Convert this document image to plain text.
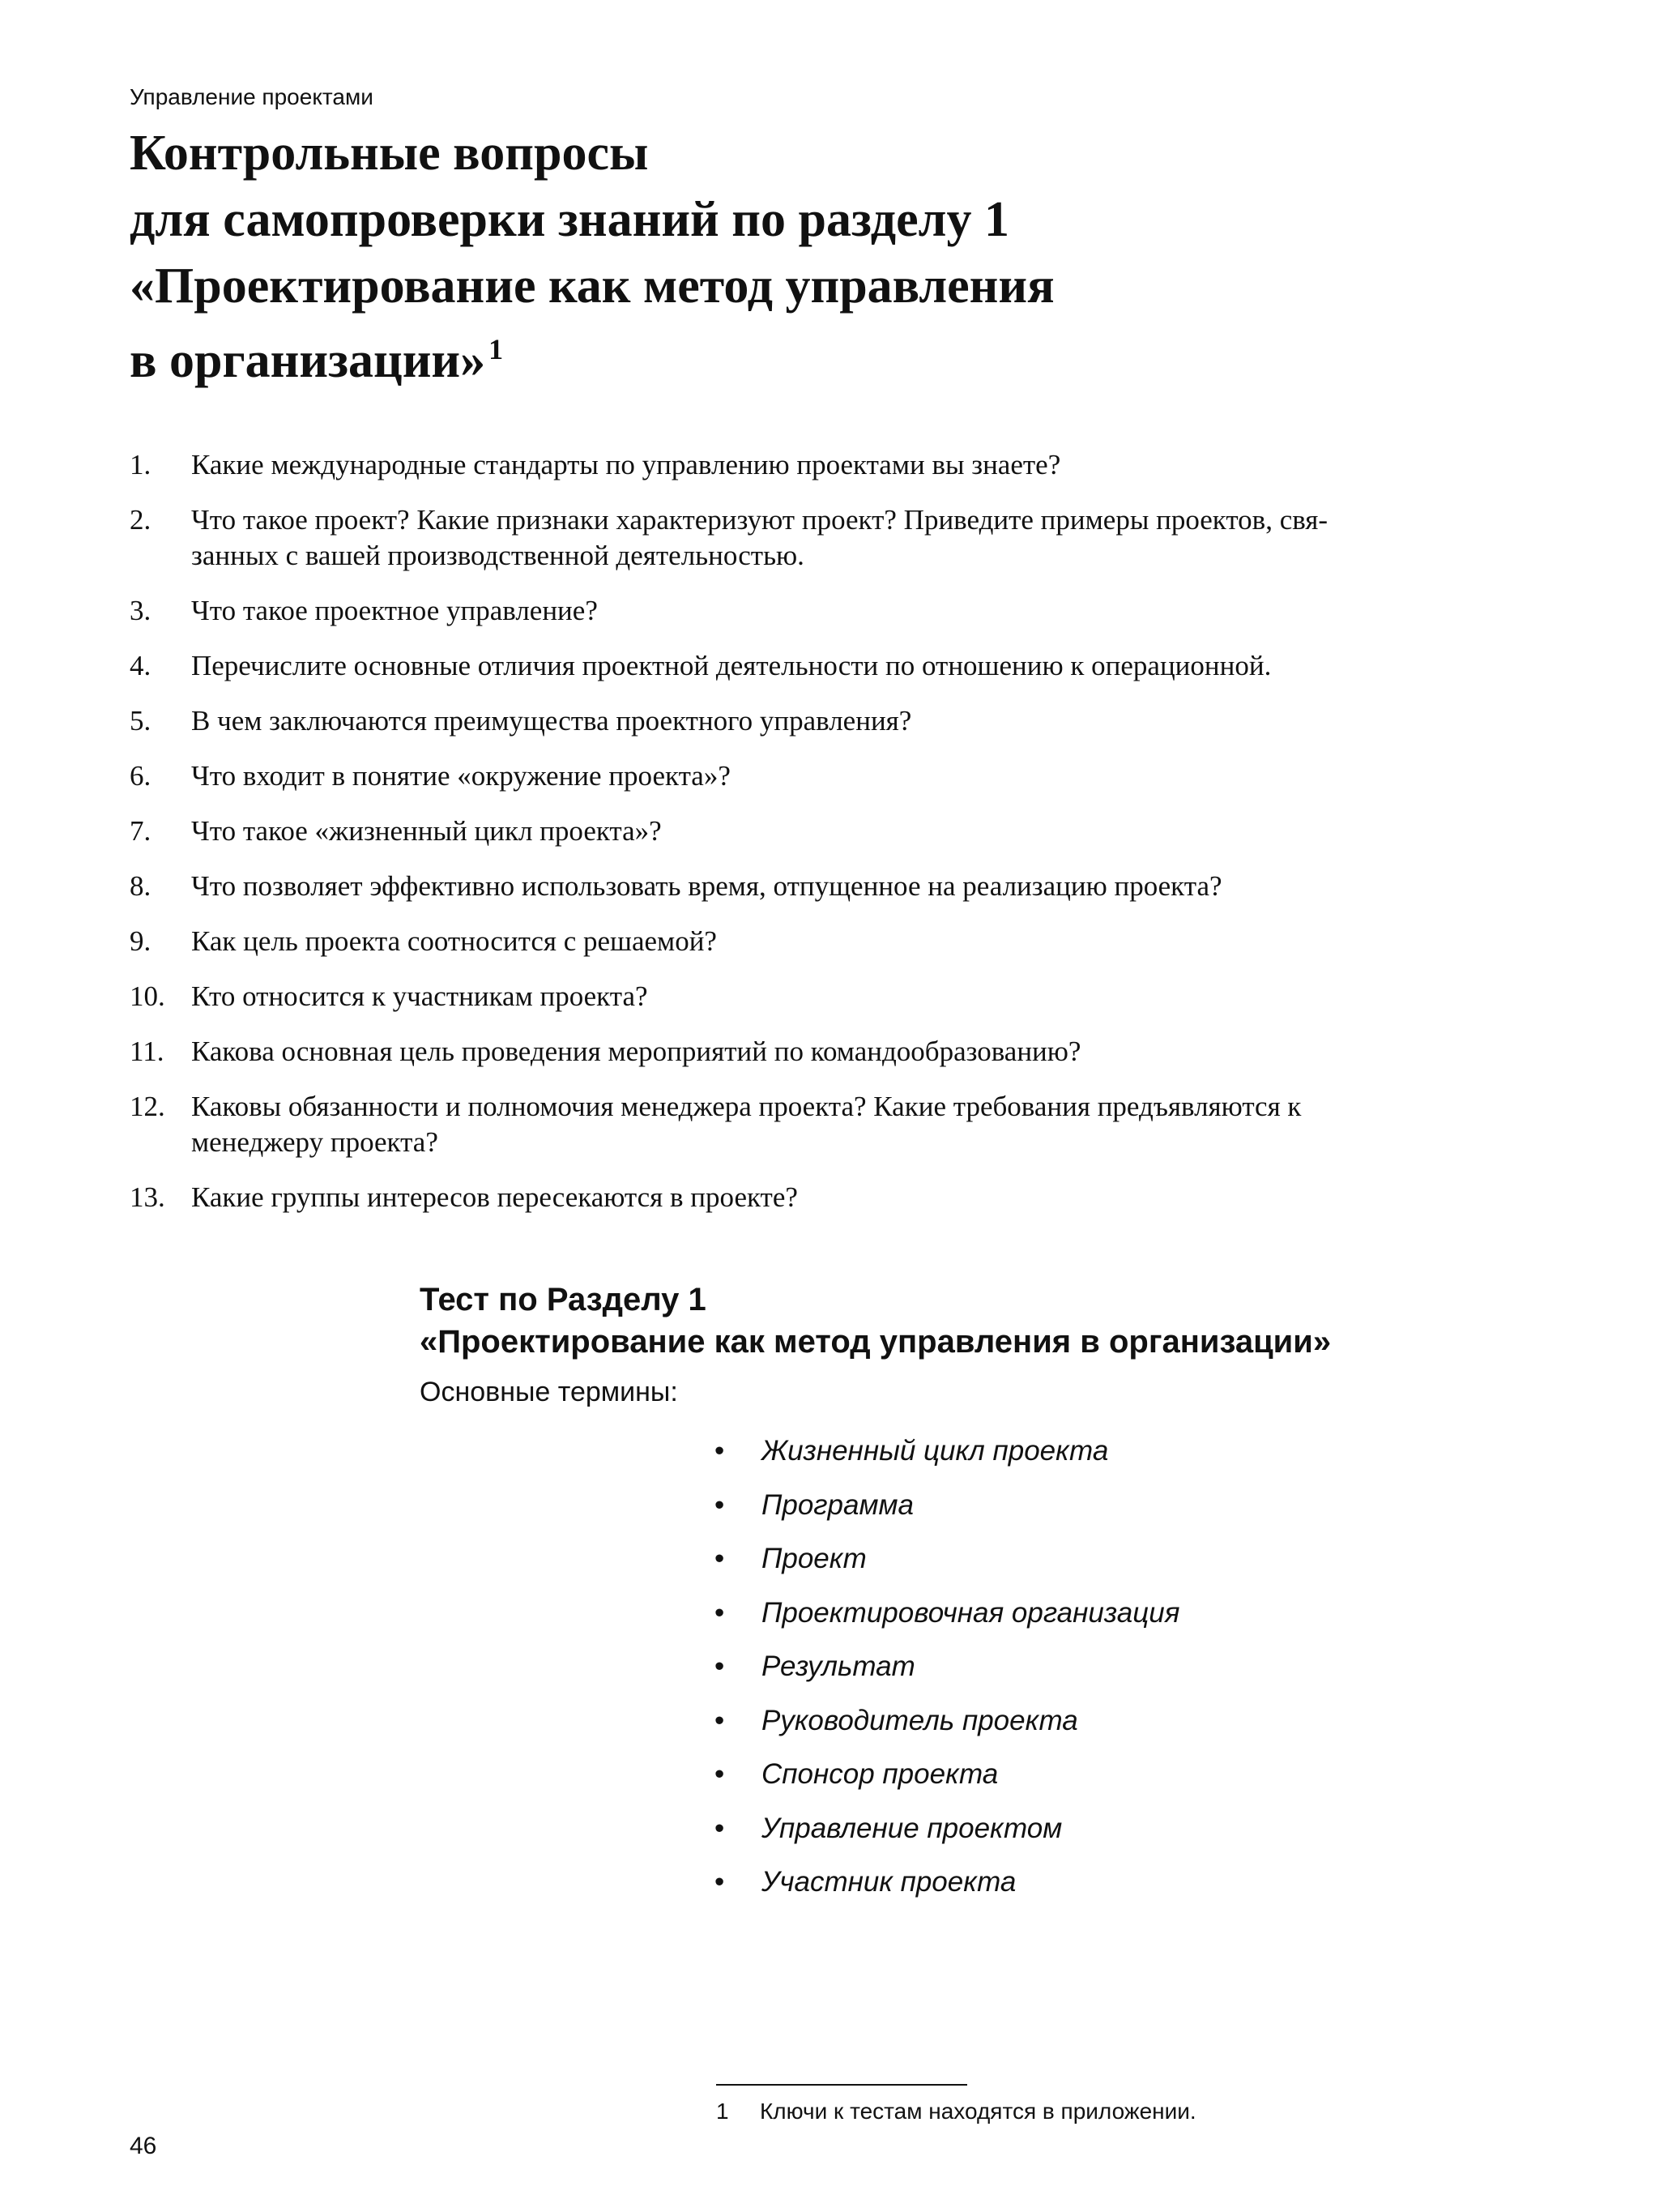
Управление проектами
Контрольные вопросы
для самопроверки знаний по разделу 1
«Проектирование как метод управления
в организации» $^1$
1.	Какие международные стандарты по управлению проектами вы знаете?
2.	Что такое проект? Какие признаки характеризуют проект? Приведите примеры проектов, свя-
занных с вашей производственной деятельностью.
3.	Что такое проектное управление?
4.	Перечислите основные отличия проектной деятельности по отношению к операционной.
5.	В чем заключаются преимущества проектного управления?
6.	Что входит в понятие «окружение проекта»?
7.	Что такое «жизненный цикл проекта»?
8.	Что позволяет эффективно использовать время, отпущенное на реализацию проекта?
9.	Как цель проекта соотносится с решаемой?
10. Кто относится к участникам проекта?
11. Какова основная цель проведения мероприятий по командообразованию?
12. Каковы обязанности и полномочия менеджера проекта? Какие требования предъявляются к
менеджеру проекта?
13. Какие группы интересов пересекаются в проекте?
Тест по Разделу 1
«Проектирование как метод управления в организации»
Основные термины:
•	Жизненный цикл проекта
•	Программа
•	Проект
•	Проектировочная организация
•	Результат
•	Руководитель проекта
•	Спонсор проекта
•	Управление проектом
•	Участник проекта
1	Ключи к тестам находятся в приложении.
46
